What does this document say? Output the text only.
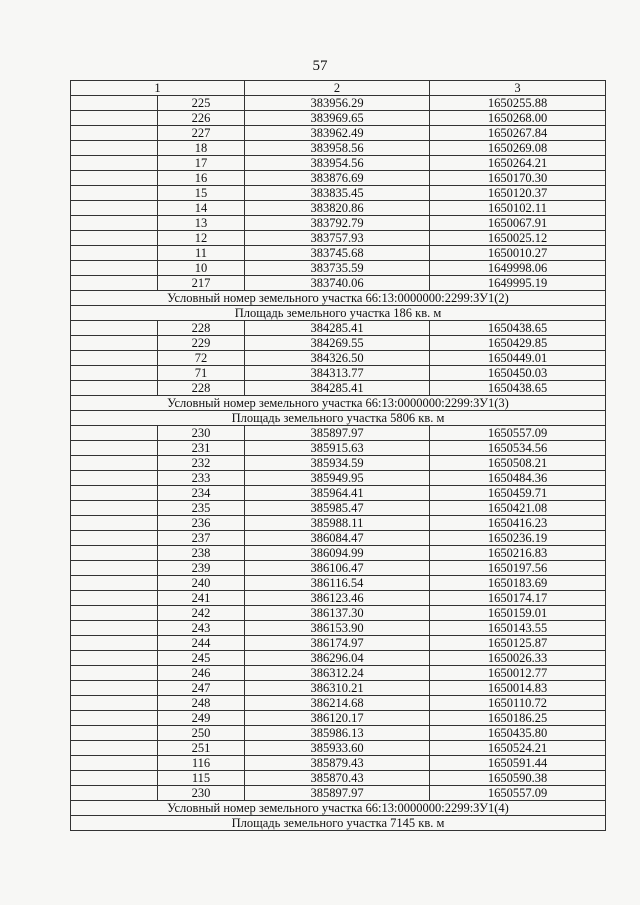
57
1		2	3
	225	383956.29	1650255.88
	226	383969.65	1650268.00
	227	383962.49	1650267.84
	18	383958.56	1650269.08
	17	383954.56	1650264.21
	16	383876.69	1650170.30
	15	383835.45	1650120.37
	14	383820.86	1650102.11
	13	383792.79	1650067.91
	12	383757.93	1650025.12
	11	383745.68	1650010.27
	10	383735.59	1649998.06
	217	383740.06	1649995.19
Условный номер земельного участка 66:13:0000000:2299:ЗУ1(2)			
Площадь земельного участка 186 кв. м			
	228	384285.41	1650438.65
	229	384269.55	1650429.85
	72	384326.50	1650449.01
	71	384313.77	1650450.03
	228	384285.41	1650438.65
Условный номер земельного участка 66:13:0000000:2299:ЗУ1(3)			
Площадь земельного участка 5806 кв. м			
	230	385897.97	1650557.09
	231	385915.63	1650534.56
	232	385934.59	1650508.21
	233	385949.95	1650484.36
	234	385964.41	1650459.71
	235	385985.47	1650421.08
	236	385988.11	1650416.23
	237	386084.47	1650236.19
	238	386094.99	1650216.83
	239	386106.47	1650197.56
	240	386116.54	1650183.69
	241	386123.46	1650174.17
	242	386137.30	1650159.01
	243	386153.90	1650143.55
	244	386174.97	1650125.87
	245	386296.04	1650026.33
	246	386312.24	1650012.77
	247	386310.21	1650014.83
	248	386214.68	1650110.72
	249	386120.17	1650186.25
	250	385986.13	1650435.80
	251	385933.60	1650524.21
	116	385879.43	1650591.44
	115	385870.43	1650590.38
	230	385897.97	1650557.09
Условный номер земельного участка 66:13:0000000:2299:ЗУ1(4)			
Площадь земельного участка 7145 кв. м			
